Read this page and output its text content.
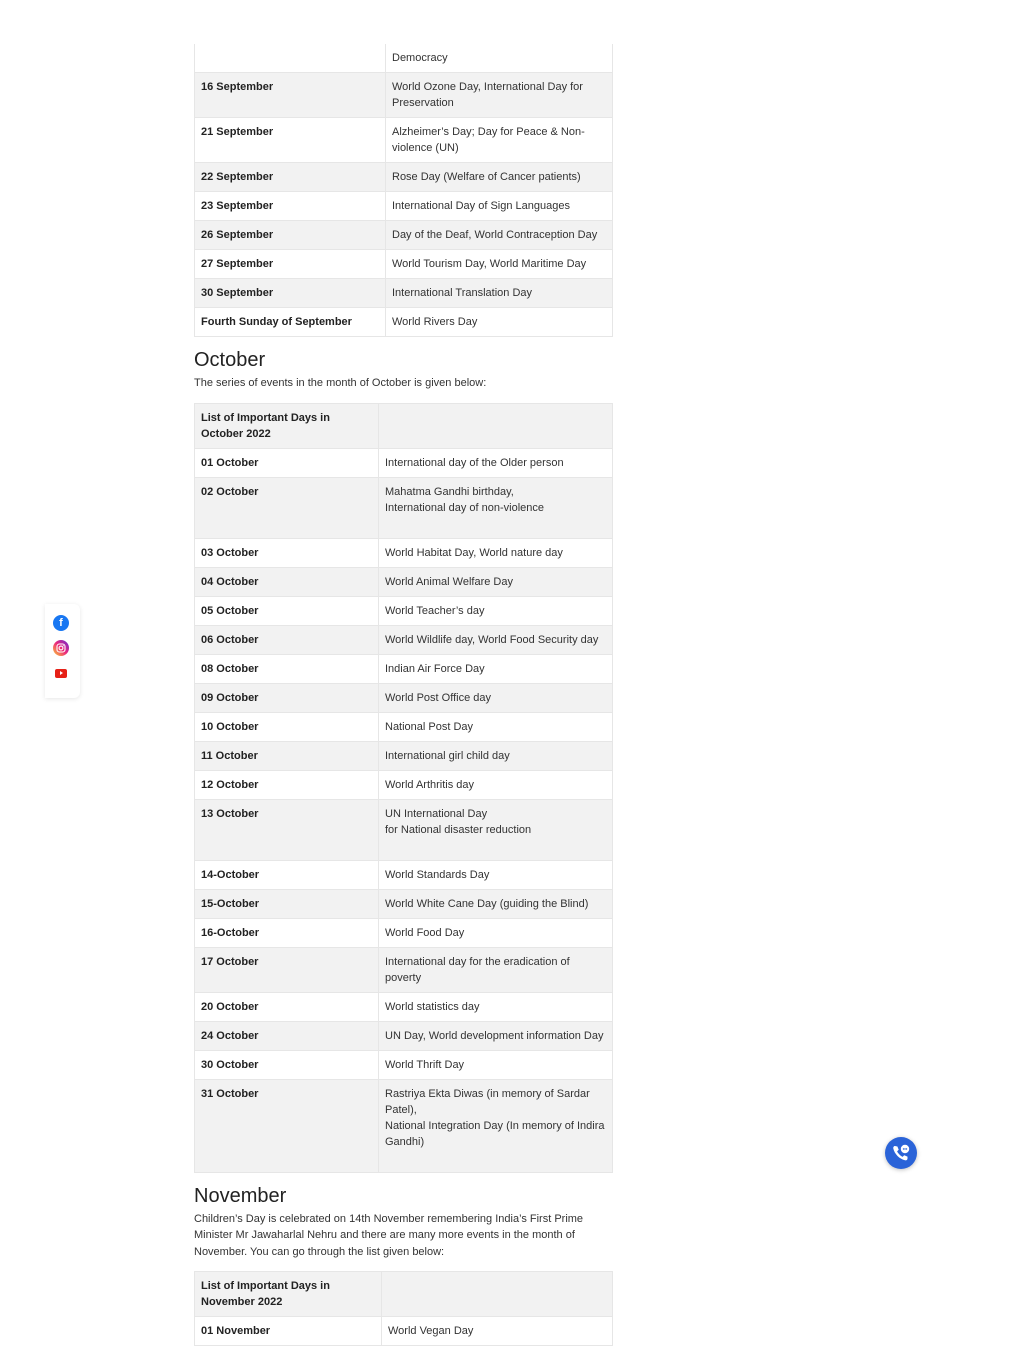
	Democracy

16 September	World Ozone Day, International Day for Preservation

21 September	Alzheimer’s Day; Day for Peace & Non-violence (UN)

22 September	Rose Day (Welfare of Cancer patients)

23 September	International Day of Sign Languages

26 September	Day of the Deaf, World Contraception Day

27 September	World Tourism Day, World Maritime Day

30 September	International Translation Day

Fourth Sunday of September	World Rivers Day
October

The series of events in the month of October is given below:

List of Important Days in October 2022	
01 October	International day of the Older person

02 October	Mahatma Gandhi birthday,
International day of non-violence

03 October	World Habitat Day, World nature day

04 October	World Animal Welfare Day

05 October	World Teacher’s day

06 October	World Wildlife day, World Food Security day

08 October	Indian Air Force Day

09 October	World Post Office day

10 October	National Post Day

11 October	International girl child day

12 October	World Arthritis day

13 October	UN International Day
for National disaster reduction

14-October	World Standards Day

15-October	World White Cane Day (guiding the Blind)

16-October	World Food Day

17 October	International day for the eradication of poverty

20 October	World statistics day

24 October	UN Day, World development information Day

30 October	World Thrift Day

31 October	Rastriya Ekta Diwas (in memory of Sardar Patel),
National Integration Day (In memory of Indira Gandhi)
November

Children’s Day is celebrated on 14th November remembering India’s First Prime Minister Mr Jawaharlal Nehru and there are many more events in the month of November. You can go through the list given below:

List of Important Days in November 2022	
01 November	World Vegan Day
f
